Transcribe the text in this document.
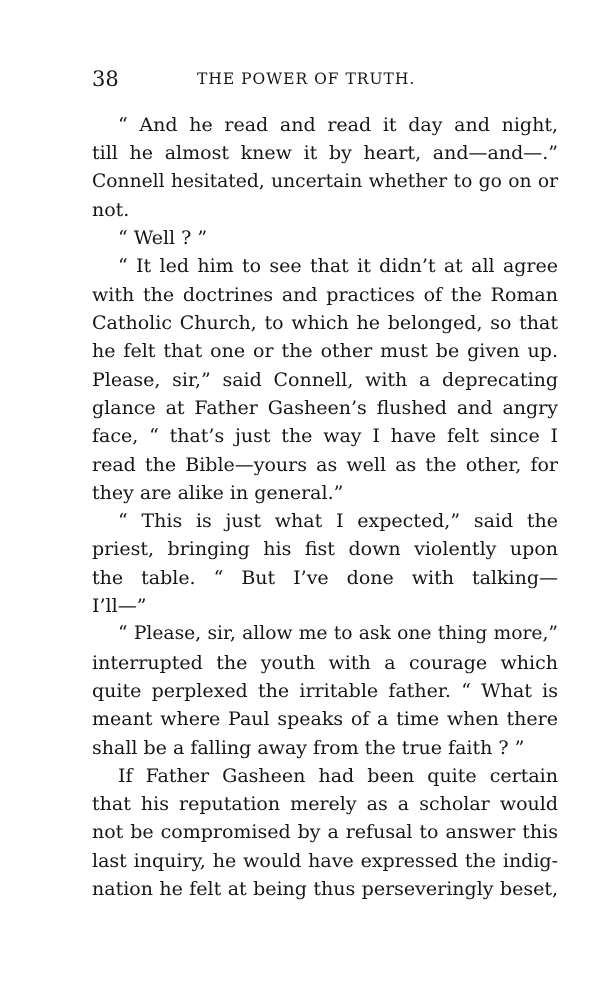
38	THE POWER OF TRUTH.
“ And he read and read it day and night,
till he almost knew it by heart, and—and—.”
Connell hesitated, uncertain whether to go on or
not.
“ Well ? ”
“ It led him to see that it didn’t at all agree
with the doctrines and practices of the Roman
Catholic Church, to which he belonged, so that
he felt that one or the other must be given up.
Please, sir,” said Connell, with a deprecating
glance at Father Gasheen’s flushed and angry
face, “ that’s just the way I have felt since I
read the Bible—yours as well as the other, for
they are alike in general.”
“ This is just what I expected,” said the
priest, bringing his fist down violently upon
the table. “ But I’ve done with talking—
I’ll—”
“ Please, sir, allow me to ask one thing more,”
interrupted the youth with a courage which
quite perplexed the irritable father. “ What is
meant where Paul speaks of a time when there
shall be a falling away from the true faith ? ”
If Father Gasheen had been quite certain
that his reputation merely as a scholar would
not be compromised by a refusal to answer this
last inquiry, he would have expressed the indig-
nation he felt at being thus perseveringly beset,
